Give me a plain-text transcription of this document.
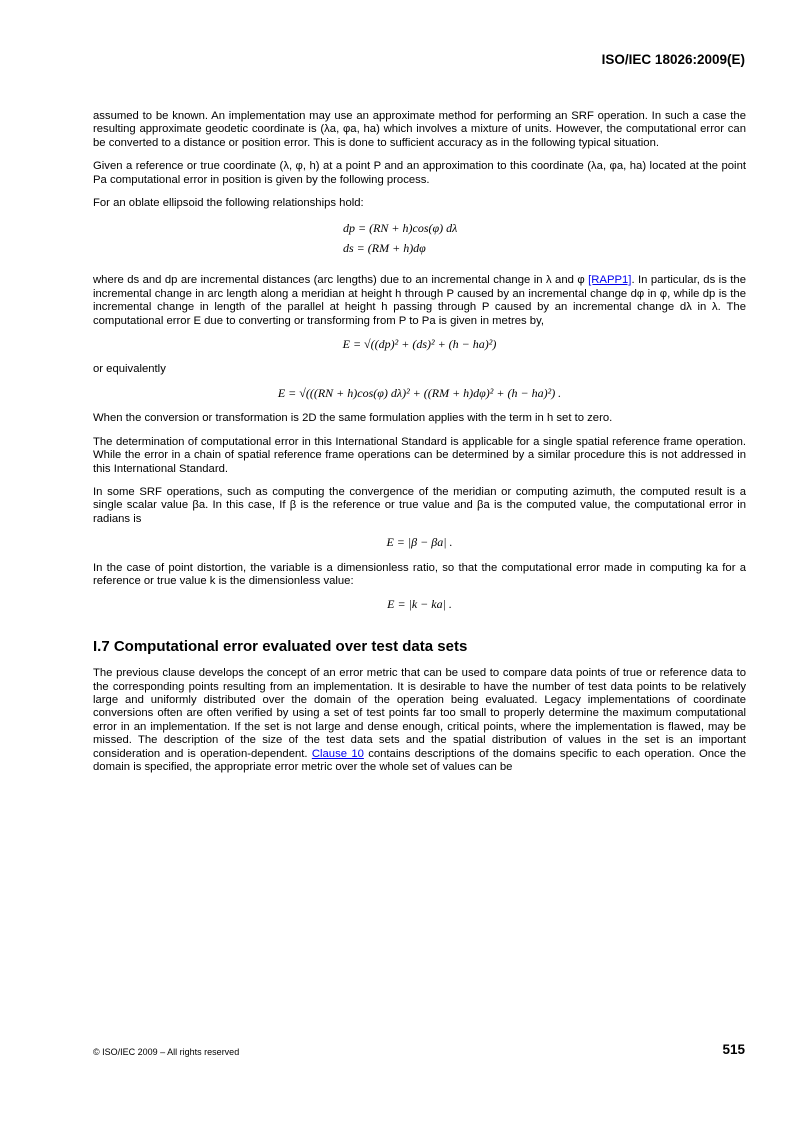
ISO/IEC 18026:2009(E)

assumed to be known. An implementation may use an approximate method for performing an SRF operation. In such a case the resulting approximate geodetic coordinate is (λa, φa, ha) which involves a mixture of units. However, the computational error can be converted to a distance or position error. This is done to sufficient accuracy as in the following typical situation.

Given a reference or true coordinate (λ, φ, h) at a point P and an approximation to this coordinate (λa, φa, ha) located at the point Pa computational error in position is given by the following process.

For an oblate ellipsoid the following relationships hold:

dp = (RN + h)cos(φ) dλ
ds = (RM + h)dφ

where ds and dp are incremental distances (arc lengths) due to an incremental change in λ and φ [RAPP1]. In particular, ds is the incremental change in arc length along a meridian at height h through P caused by an incremental change dφ in φ, while dp is the incremental change in length of the parallel at height h passing through P caused by an incremental change dλ in λ. The computational error E due to converting or transforming from P to Pa is given in metres by,

E = √((dp)² + (ds)² + (h − ha)²)

or equivalently

E = √(((RN + h)cos(φ) dλ)² + ((RM + h)dφ)² + (h − ha)²) .

When the conversion or transformation is 2D the same formulation applies with the term in h set to zero.

The determination of computational error in this International Standard is applicable for a single spatial reference frame operation. While the error in a chain of spatial reference frame operations can be determined by a similar procedure this is not addressed in this International Standard.

In some SRF operations, such as computing the convergence of the meridian or computing azimuth, the computed result is a single scalar value βa. In this case, If β is the reference or true value and βa is the computed value, the computational error in radians is

E = |β − βa| .

In the case of point distortion, the variable is a dimensionless ratio, so that the computational error made in computing ka for a reference or true value k is the dimensionless value:

E = |k − ka| .
I.7 Computational error evaluated over test data sets

The previous clause develops the concept of an error metric that can be used to compare data points of true or reference data to the corresponding points resulting from an implementation. It is desirable to have the number of test data points to be relatively large and uniformly distributed over the domain of the operation being evaluated. Legacy implementations of coordinate conversions often are often verified by using a set of test points far too small to properly determine the maximum computational error in an implementation. If the set is not large and dense enough, critical points, where the implementation is flawed, may be missed. The description of the size of the test data sets and the spatial distribution of values in the set is an important consideration and is operation-dependent. Clause 10 contains descriptions of the domains specific to each operation. Once the domain is specified, the appropriate error metric over the whole set of values can be

© ISO/IEC 2009 – All rights reserved	515
